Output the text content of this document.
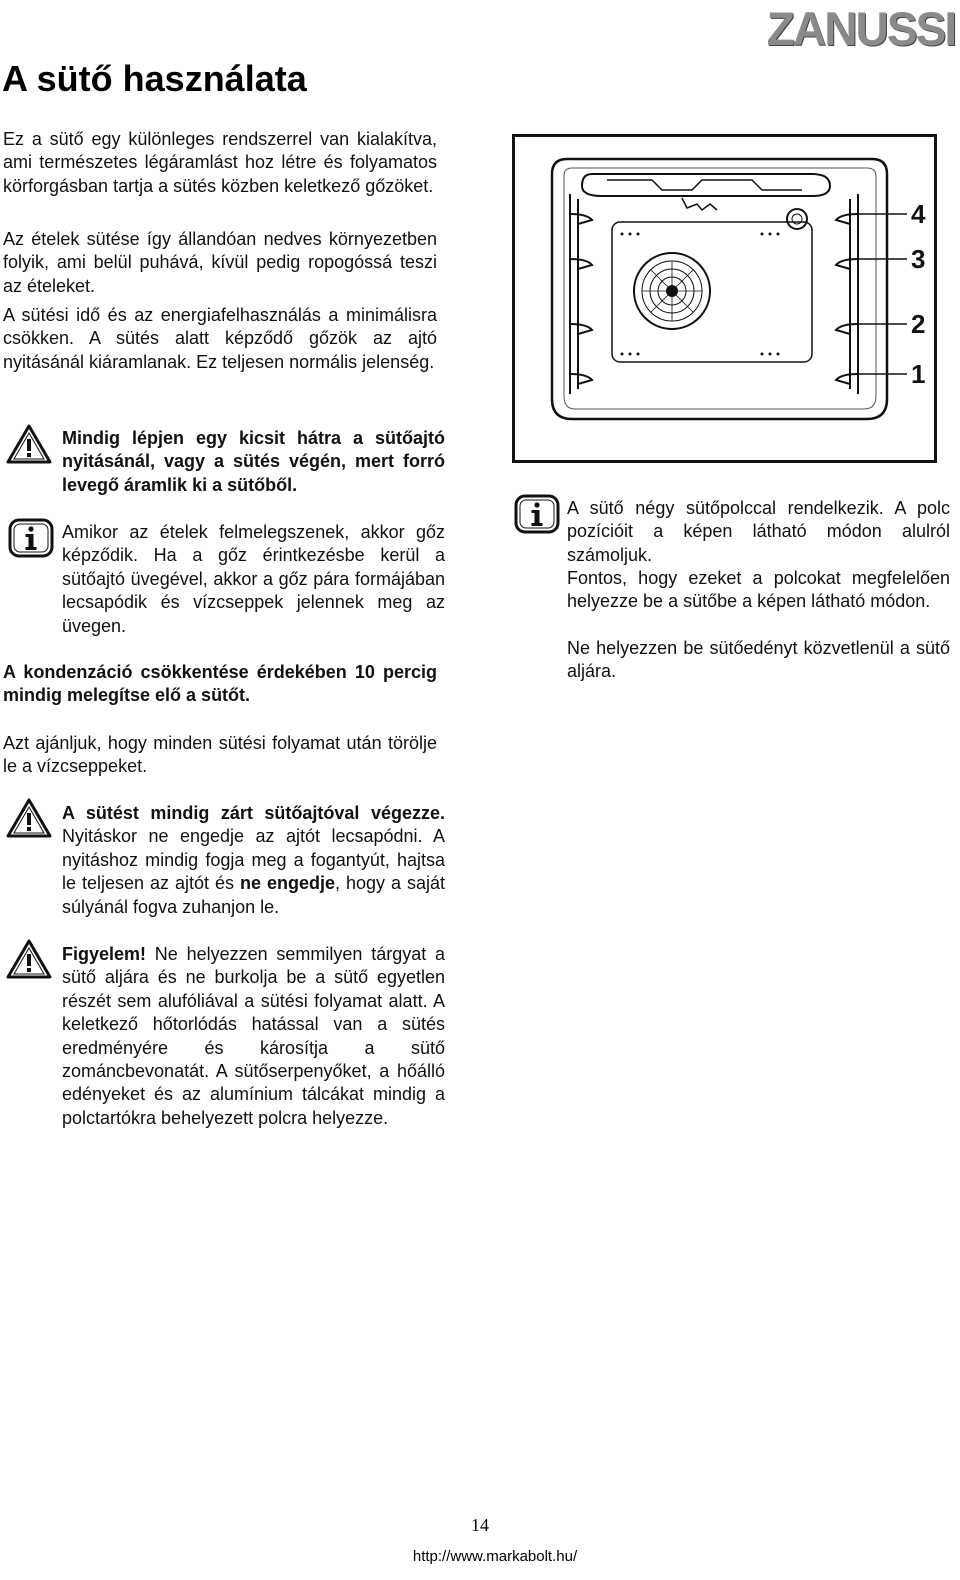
ZANUSSI
A sütő használata

Ez a sütő egy különleges rendszerrel van kialakítva, ami természetes légáramlást hoz létre és folyamatos körforgásban tartja a sütés közben keletkező gőzöket.

Az ételek sütése így állandóan nedves környezetben folyik, ami belül puhává, kívül pedig ropogóssá teszi az ételeket.

A sütési idő és az energiafelhasználás a minimálisra csökken. A sütés alatt képződő gőzök az ajtó nyitásánál kiáramlanak. Ez teljesen normális jelenség.

Mindig lépjen egy kicsit hátra a sütőajtó nyitásánál, vagy a sütés végén, mert forró levegő áramlik ki a sütőből.

Amikor az ételek felmelegszenek, akkor gőz képződik. Ha a gőz érintkezésbe kerül a sütőajtó üvegével, akkor a gőz pára formájában lecsapódik és vízcseppek jelennek meg az üvegen.

A kondenzáció csökkentése érdekében 10 percig mindig melegítse elő a sütőt.

Azt ajánljuk, hogy minden sütési folyamat után törölje le a vízcseppeket.

A sütést mindig zárt sütőajtóval végezze. Nyitáskor ne engedje az ajtót lecsapódni. A nyitáshoz mindig fogja meg a fogantyút, hajtsa le teljesen az ajtót és ne engedje, hogy a saját súlyánál fogva zuhanjon le.

Figyelem! Ne helyezzen semmilyen tárgyat a sütő aljára és ne burkolja be a sütő egyetlen részét sem alufóliával a sütési folyamat alatt. A keletkező hőtorlódás hatással van a sütés eredményére és károsítja a sütő zománcbevonatát. A sütőserpenyőket, a hőálló edényeket és az alumínium tálcákat mindig a polctartókra behelyezett polcra helyezze.

4
3
2
1

A sütő négy sütőpolccal rendelkezik. A polc pozícióit a képen látható módon alulról számoljuk.

Fontos, hogy ezeket a polcokat megfelelően helyezze be a sütőbe a képen látható módon.

Ne helyezzen be sütőedényt közvetlenül a sütő aljára.

14
http://www.markabolt.hu/
